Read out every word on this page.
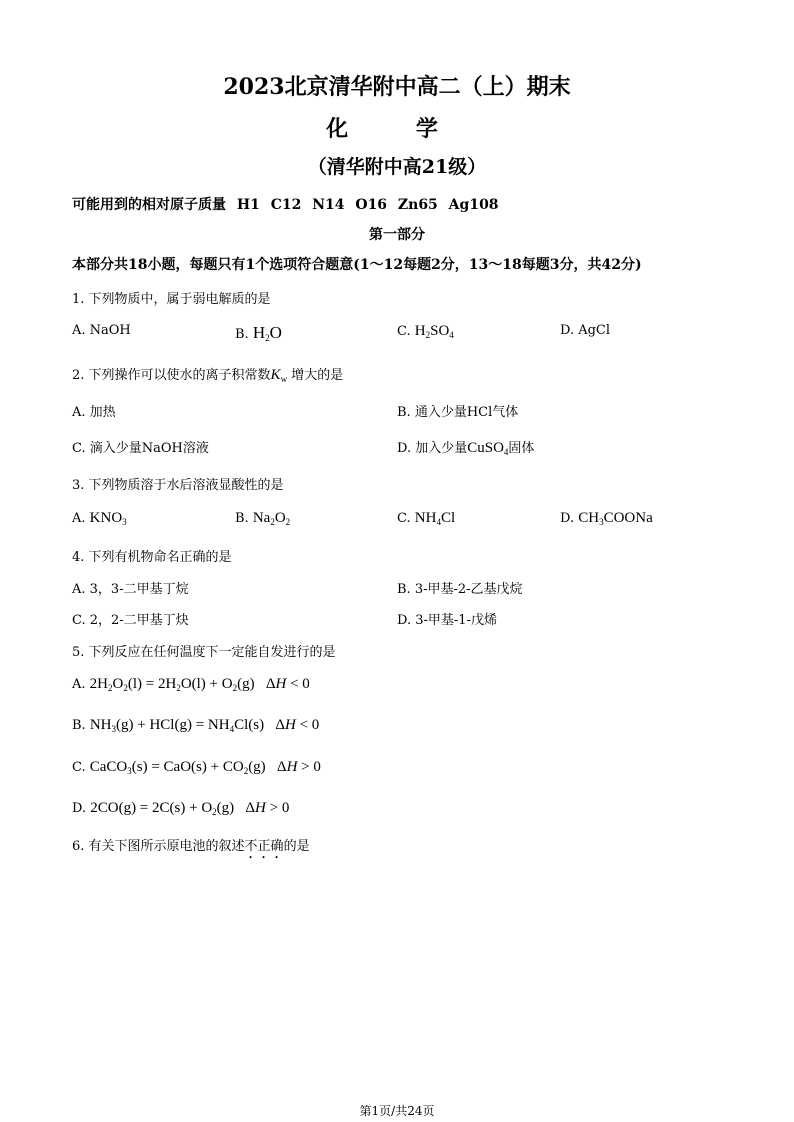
2023北京清华附中高二（上）期末
化 学
（清华附中高21级）
可能用到的相对原子质量 H1 C12 N14 O16 Zn65 Ag108
第一部分
本部分共18小题，每题只有1个选项符合题意(1～12每题2分，13～18每题3分，共42分)
1. 下列物质中，属于弱电解质的是
A. NaOH	B. $H_2O$	C. $H_2SO_4$	D. AgCl
2. 下列操作可以使水的离子积常数$K_w$ 增大的是
A. 加热	B. 通入少量HCl气体
C. 滴入少量NaOH溶液	D. 加入少量CuSO$_4$固体
3. 下列物质溶于水后溶液显酸性的是
A. $KNO_3$	B. $Na_2O_2$	C. $NH_4Cl$	D. $CH_3COONa$
4. 下列有机物命名正确的是
A. 3，3-二甲基丁烷	B. 3-甲基-2-乙基戊烷
C. 2，2-二甲基丁炔	D. 3-甲基-1-戊烯
5. 下列反应在任何温度下一定能自发进行的是
A. $2H_2O_2(l) = 2H_2O(l) + O_2(g) \Delta H < 0$
B. $NH_3(g) + HCl(g) = NH_4Cl(s) \Delta H < 0$
C. CaCO$_3$(s) = $CaO(s) + CO_2(g) \Delta H > 0$
D. $2CO(g) = 2C(s) + O_2(g) \Delta H > 0$
6. 有关下图所示原电池的叙述不正确的是
第1页/共24页
